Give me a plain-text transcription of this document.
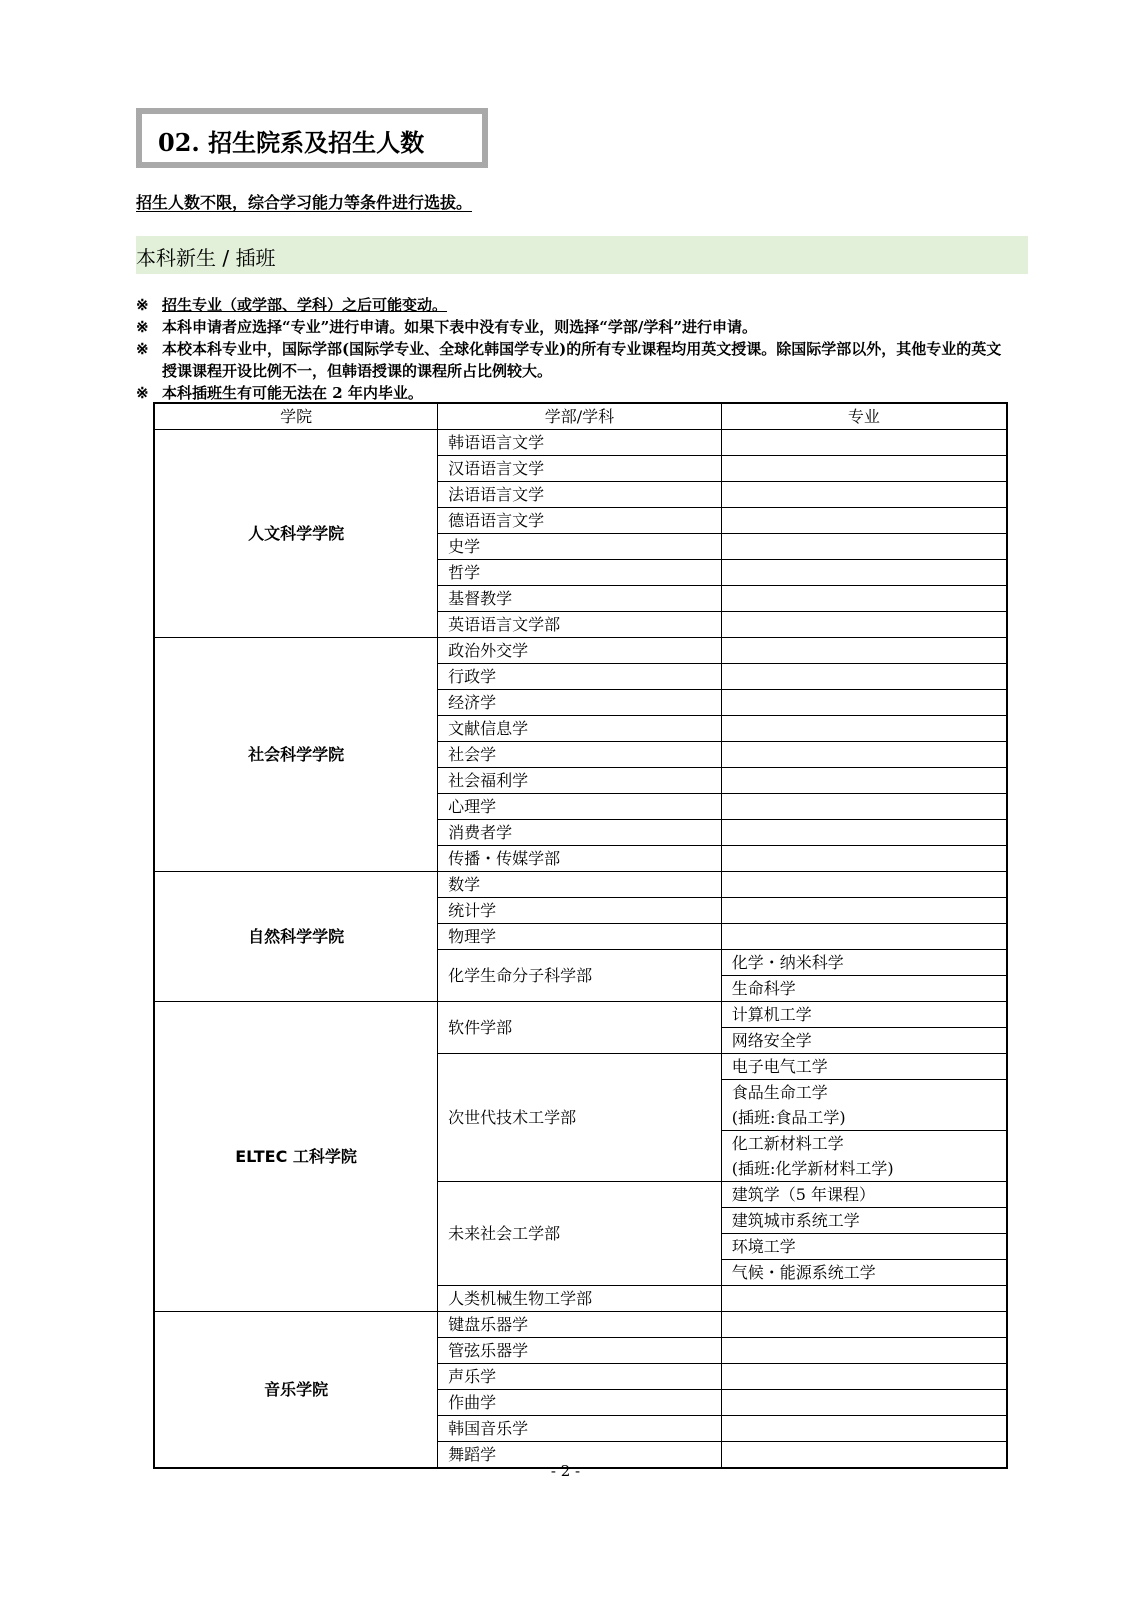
02. 招生院系及招生人数
招生人数不限，综合学习能力等条件进行选拔。
本科新生 / 插班
※ 招生专业（或学部、学科）之后可能变动。
※ 本科申请者应选择“专业”进行申请。如果下表中没有专业，则选择“学部/学科”进行申请。
※ 本校本科专业中，国际学部(国际学专业、全球化韩国学专业)的所有专业课程均用英文授课。除国际学部以外，其他专业的英文授课课程开设比例不一，但韩语授课的课程所占比例较大。
※ 本科插班生有可能无法在 2 年内毕业。
学院	学部/学科	专业
人文科学学院	韩语语言文学	
	汉语语言文学	
	法语语言文学	
	德语语言文学	
	史学	
	哲学	
	基督教学	
	英语语言文学部	
社会科学学院	政治外交学	
	行政学	
	经济学	
	文献信息学	
	社会学	
	社会福利学	
	心理学	
	消费者学	
	传播・传媒学部	
自然科学学院	数学	
	统计学	
	物理学	
	化学生命分子科学部	化学・纳米科学
		生命科学
ELTEC 工科学院	软件学部	计算机工学
		网络安全学
	次世代技术工学部	电子电气工学
		食品生命工学
		(插班:食品工学)
		化工新材料工学
		(插班:化学新材料工学)
	未来社会工学部	建筑学（5 年课程）
		建筑城市系统工学
		环境工学
		气候・能源系统工学
	人类机械生物工学部	
音乐学院	键盘乐器学	
	管弦乐器学	
	声乐学	
	作曲学	
	韩国音乐学	
	舞蹈学	
- 2 -
